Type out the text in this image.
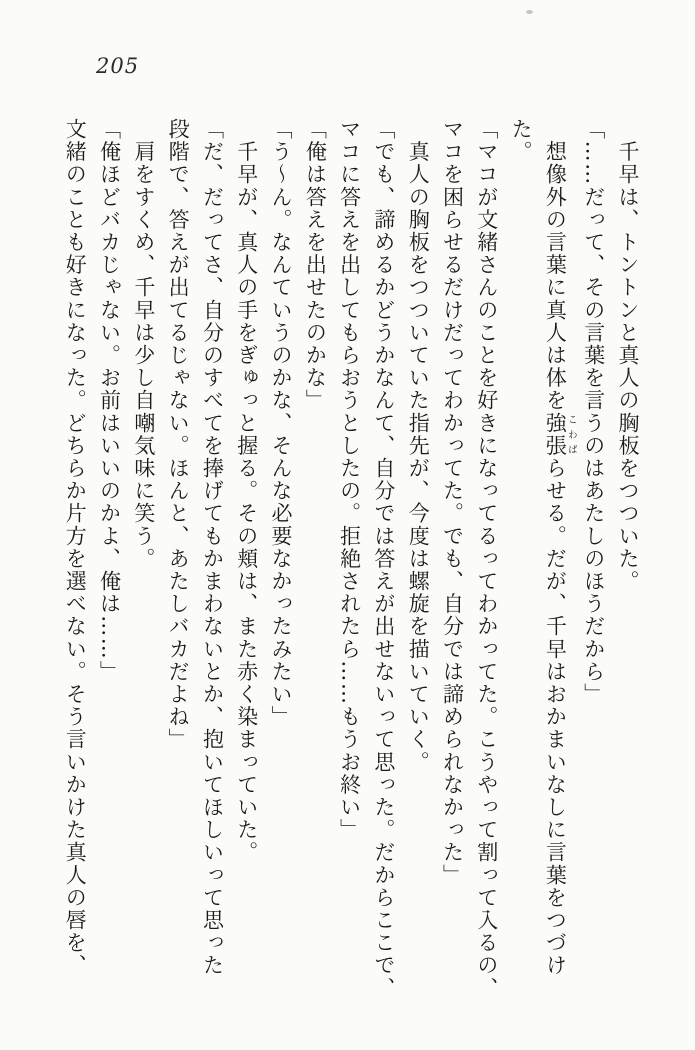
205

　千早は、トントンと真人の胸板をつついた。

「……だって、その言葉を言うのはあたしのほうだから」

　想像外の言葉に真人は体を強張こわばらせる。だが、千早はおかまいなしに言葉をつづけ

た。

「マコが文緒さんのことを好きになってるってわかってた。こうやって割って入るの、

マコを困らせるだけだってわかってた。でも、自分では諦められなかった」

　真人の胸板をつついていた指先が、今度は螺旋を描いていく。

「でも、諦めるかどうかなんて、自分では答えが出せないって思った。だからここで、

マコに答えを出してもらおうとしたの。拒絶されたら……もうお終い」

「俺は答えを出せたのかな」

「う〜ん。なんていうのかな、そんな必要なかったみたい」

　千早が、真人の手をぎゅっと握る。その頬は、また赤く染まっていた。

「だ、だってさ、自分のすべてを捧げてもかまわないとか、抱いてほしいって思った

段階で、答えが出てるじゃない。ほんと、あたしバカだよね」

　肩をすくめ、千早は少し自嘲気味に笑う。

「俺ほどバカじゃない。お前はいいのかよ、俺は……」

文緒のことも好きになった。どちらか片方を選べない。そう言いかけた真人の唇を、
